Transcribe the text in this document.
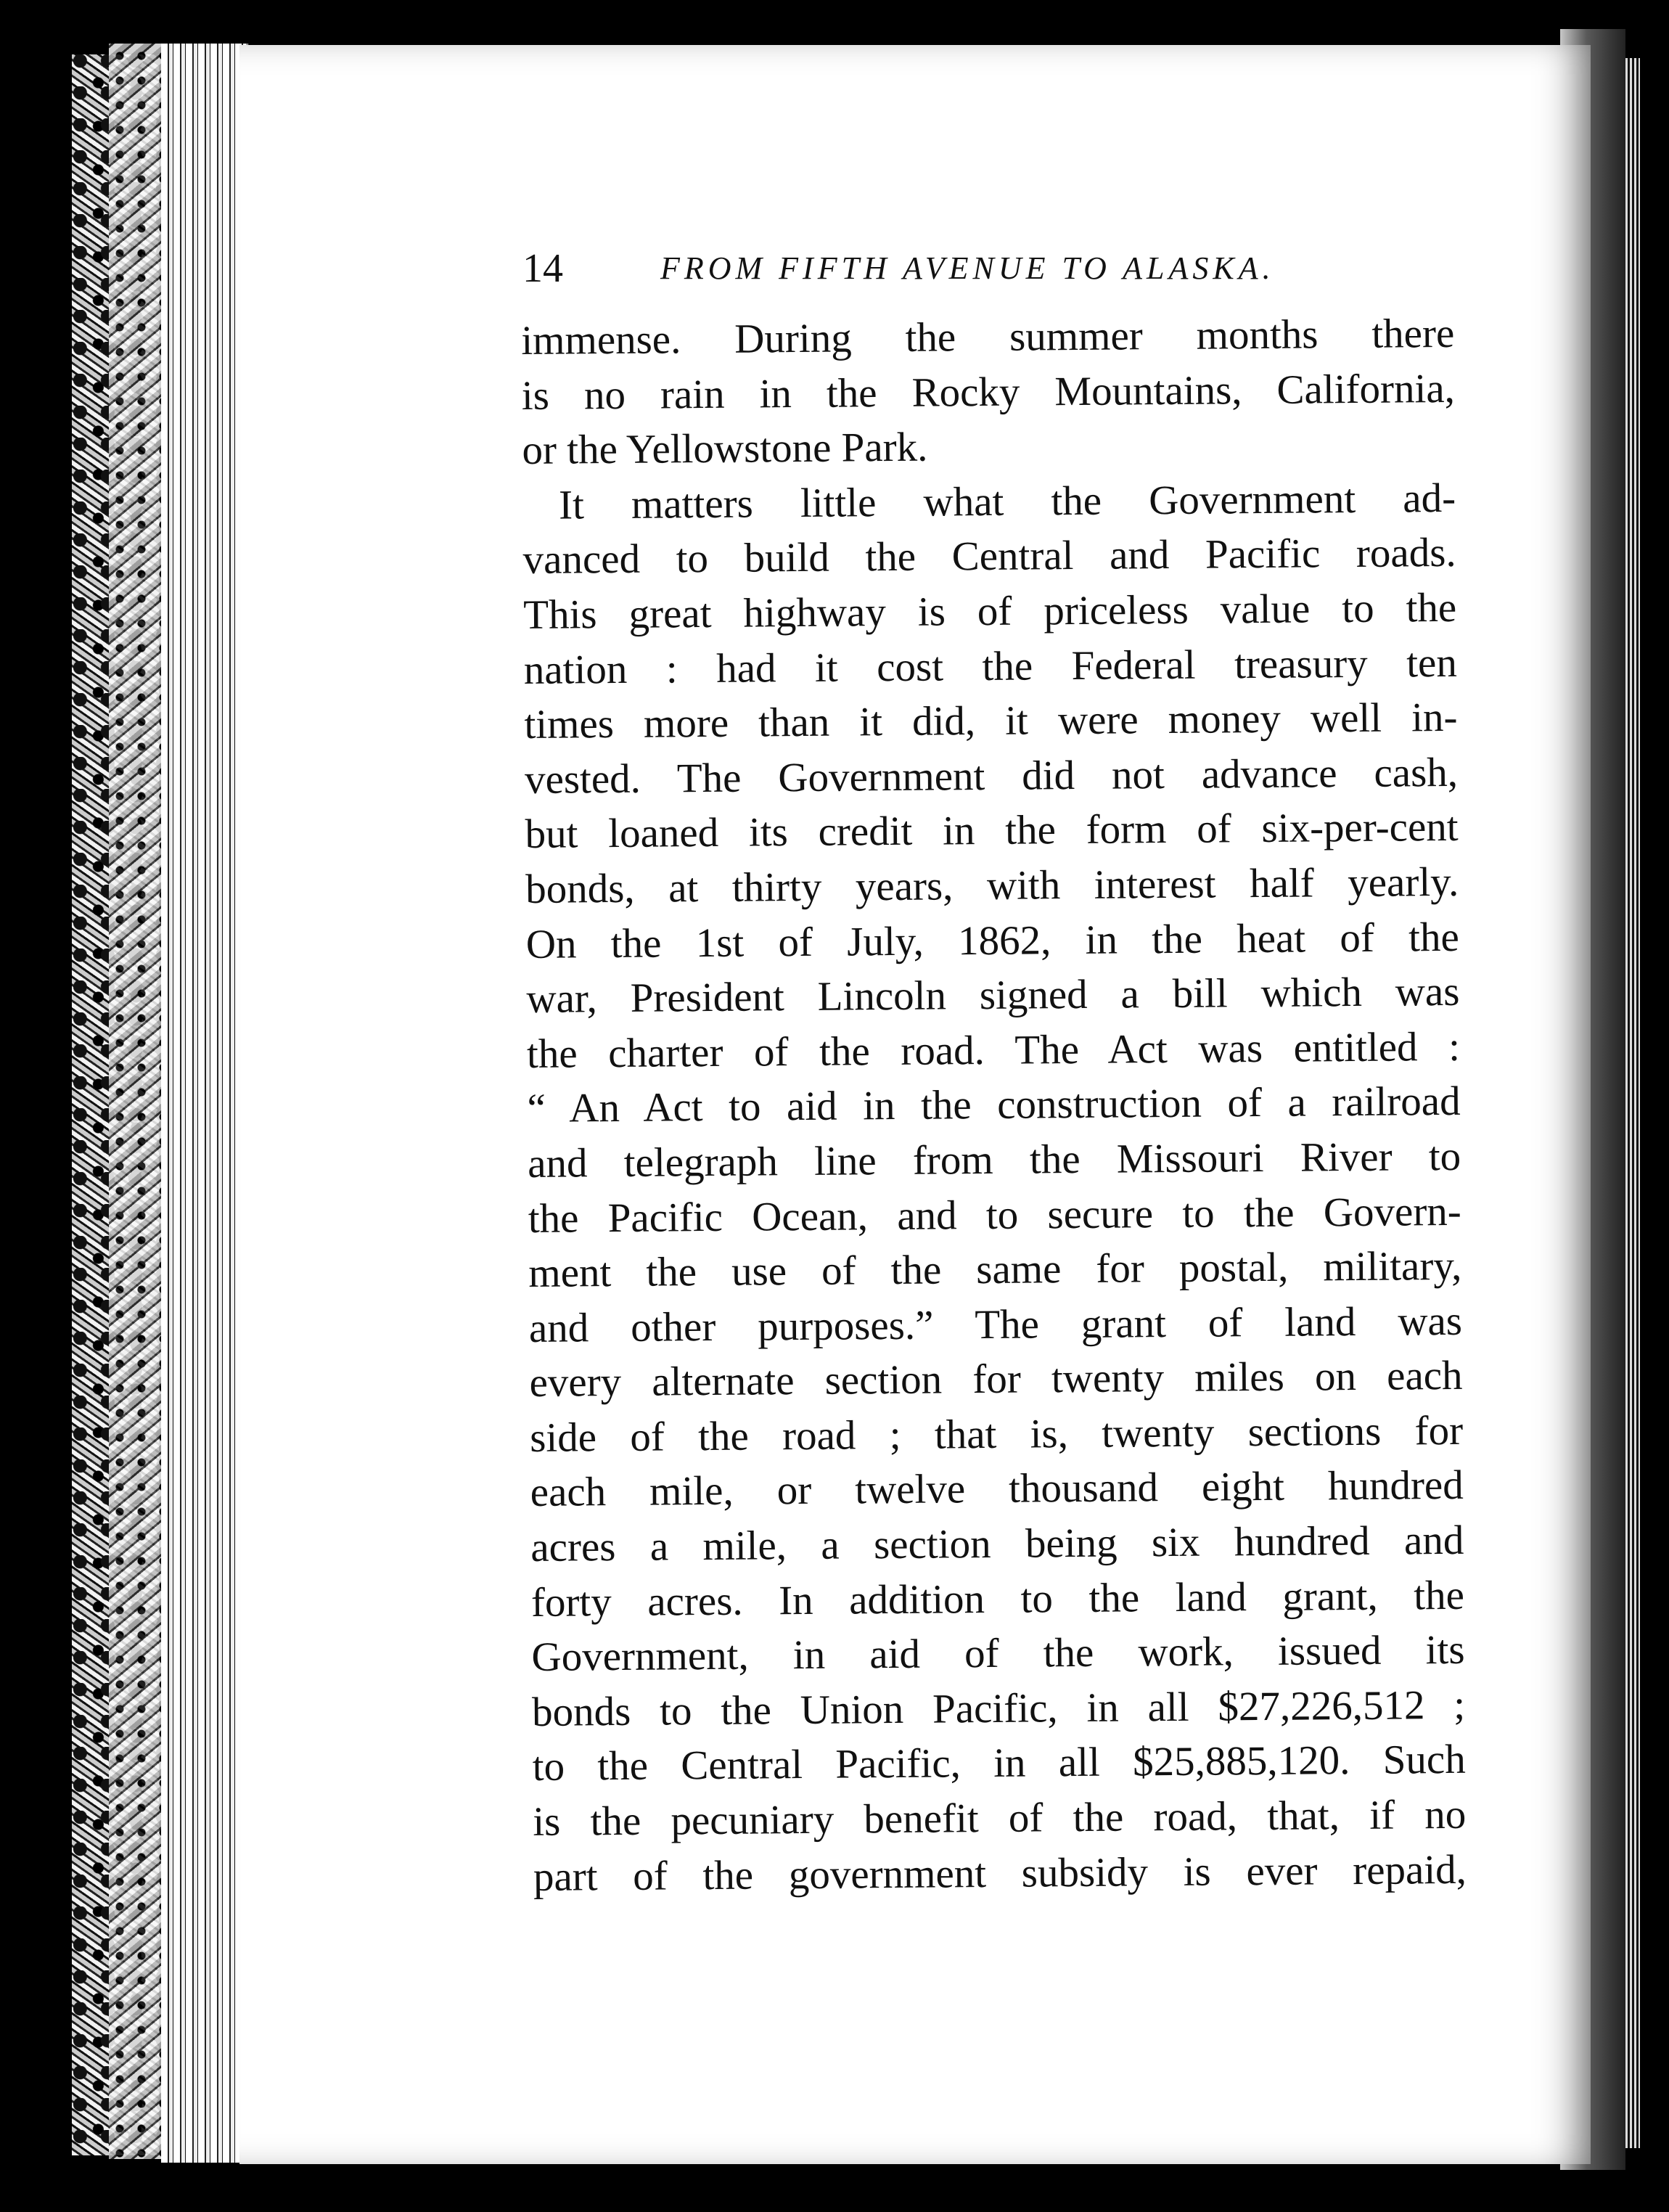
14	FROM FIFTH AVENUE TO ALASKA.
immense. During the summer months there
is no rain in the Rocky Mountains, California,
or the Yellowstone Park.
It matters little what the Government ad-
vanced to build the Central and Pacific roads.
This great highway is of priceless value to the
nation : had it cost the Federal treasury ten
times more than it did, it were money well in-
vested. The Government did not advance cash,
but loaned its credit in the form of six-per-cent
bonds, at thirty years, with interest half yearly.
On the 1st of July, 1862, in the heat of the
war, President Lincoln signed a bill which was
the charter of the road. The Act was entitled :
“ An Act to aid in the construction of a railroad
and telegraph line from the Missouri River to
the Pacific Ocean, and to secure to the Govern-
ment the use of the same for postal, military,
and other purposes.” The grant of land was
every alternate section for twenty miles on each
side of the road ; that is, twenty sections for
each mile, or twelve thousand eight hundred
acres a mile, a section being six hundred and
forty acres. In addition to the land grant, the
Government, in aid of the work, issued its
bonds to the Union Pacific, in all $27,226,512 ;
to the Central Pacific, in all $25,885,120. Such
is the pecuniary benefit of the road, that, if no
part of the government subsidy is ever repaid,
